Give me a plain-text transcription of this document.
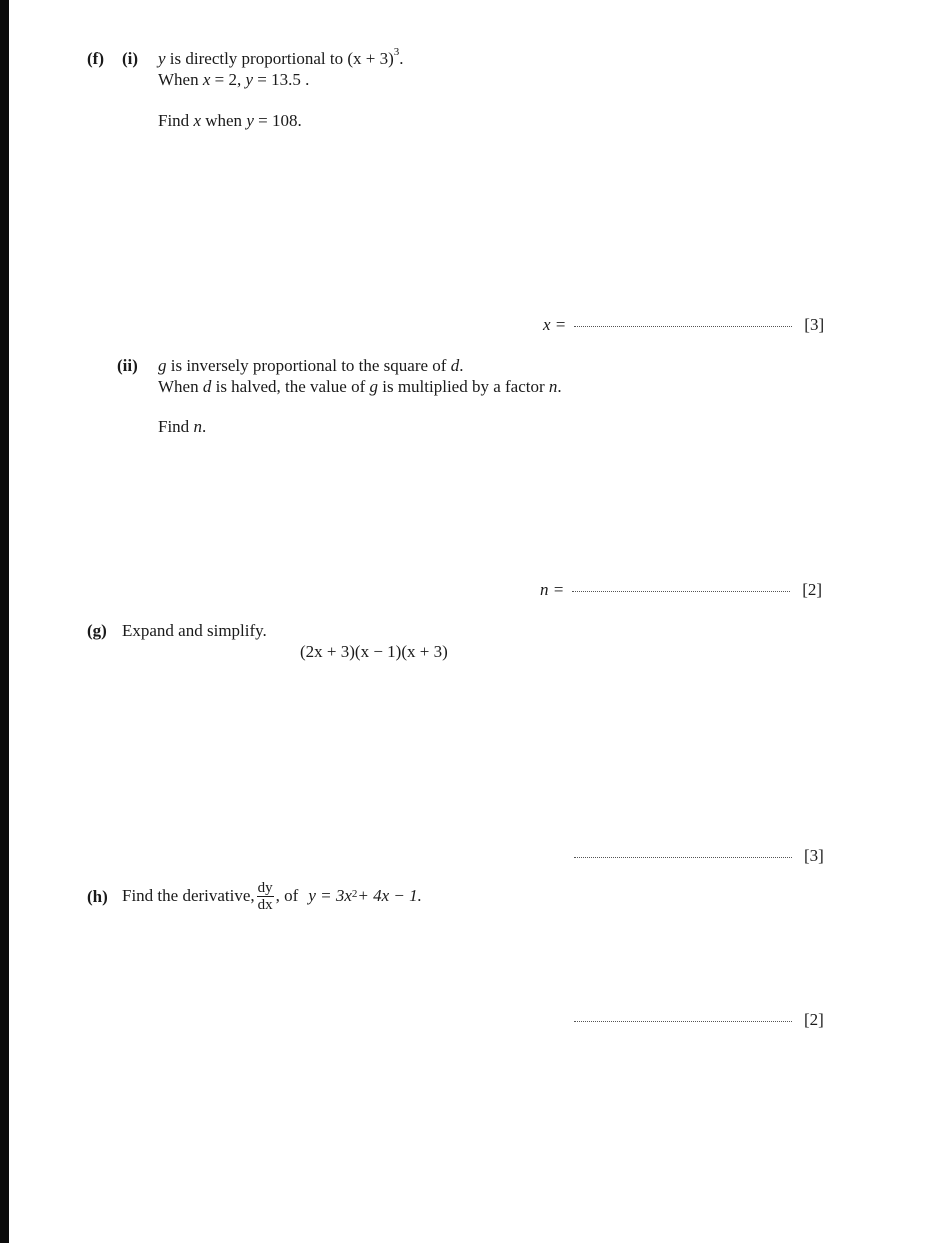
(f) (i) y is directly proportional to $(x + 3)^3$.
When x = 2, y = 13.5 .
Find x when y = 108.
x =	[3]
(ii) g is inversely proportional to the square of d.
When d is halved, the value of g is multiplied by a factor n.
Find n.
n =	[2]
(g) Expand and simplify.
(2x + 3)(x − 1)(x + 3)
[3]
(h) Find the derivative, $\frac{dy}{dx}$ , of $y = 3x^2 + 4x - 1$.
[2]
